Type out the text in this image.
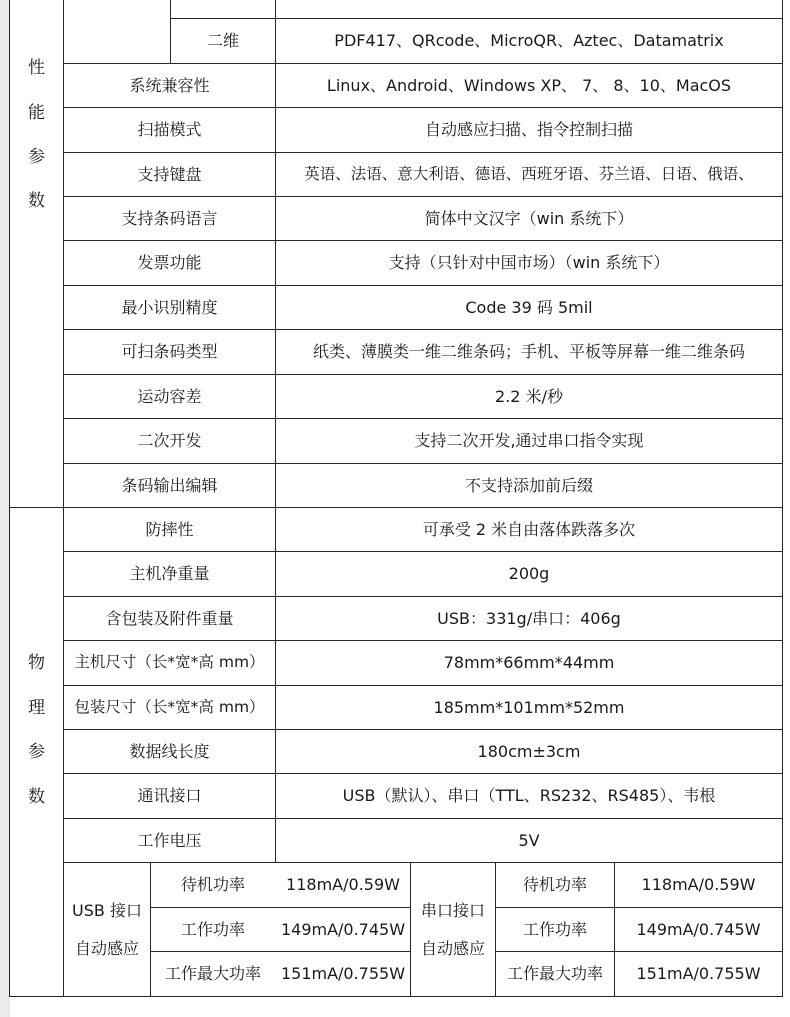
性
能
参
数
物
理
参
数
二维	PDF417、QRcode、MicroQR、Aztec、Datamatrix
系统兼容性	Linux、Android、Windows XP、 7、 8、10、MacOS
扫描模式	自动感应扫描、指令控制扫描
支持键盘	英语、法语、意大利语、德语、西班牙语、芬兰语、日语、俄语、
支持条码语言	简体中文汉字（win 系统下）
发票功能	支持（只针对中国市场）（win 系统下）
最小识别精度	Code 39 码 5mil
可扫条码类型	纸类、薄膜类一维二维条码；手机、平板等屏幕一维二维条码
运动容差	2.2 米/秒
二次开发	支持二次开发,通过串口指令实现
条码输出编辑	不支持添加前后缀
防摔性	可承受 2 米自由落体跌落多次
主机净重量	200g
含包装及附件重量	USB：331g/串口：406g
主机尺寸（长*宽*高 mm）	78mm*66mm*44mm
包装尺寸（长*宽*高 mm）	185mm*101mm*52mm
数据线长度	180cm±3cm
通讯接口	USB（默认）、串口（TTL、RS232、RS485）、韦根
工作电压	5V
USB 接口
自动感应
串口接口
自动感应
待机功率	118mA/0.59W	待机功率	118mA/0.59W
工作功率	149mA/0.745W	工作功率	149mA/0.745W
工作最大功率	151mA/0.755W	工作最大功率	151mA/0.755W
